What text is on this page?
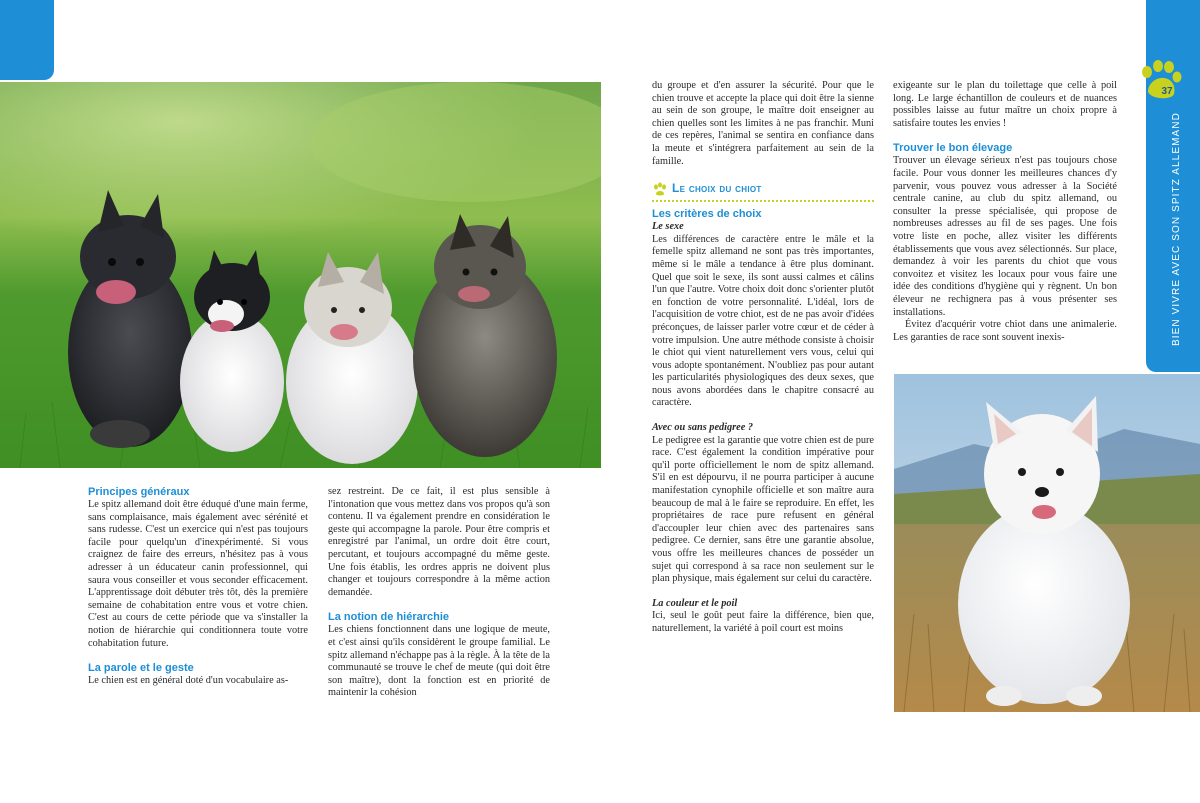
37
BIEN VIVRE AVEC SON SPITZ ALLEMAND

Principes généraux

Le spitz allemand doit être éduqué d'une main ferme, sans complaisance, mais également avec sérénité et sans rudesse. C'est un exercice qui n'est pas toujours facile pour quelqu'un d'inexpérimenté. Si vous craignez de faire des erreurs, n'hésitez pas à vous adresser à un éducateur canin professionnel, qui saura vous conseiller et vous seconder efficacement. L'apprentissage doit débuter très tôt, dès la première semaine de cohabitation entre vous et votre chien. C'est au cours de cette période que va s'installer la notion de hiérarchie qui conditionnera toute votre cohabitation future.

La parole et le geste

Le chien est en général doté d'un vocabulaire as-

sez restreint. De ce fait, il est plus sensible à l'intonation que vous mettez dans vos propos qu'à son contenu. Il va également prendre en considération le geste qui accompagne la parole. Pour être compris et enregistré par l'animal, un ordre doit être court, percutant, et toujours accompagné du même geste. Une fois établis, les ordres appris ne doivent plus changer et toujours correspondre à la même action demandée.

La notion de hiérarchie

Les chiens fonctionnent dans une logique de meute, et c'est ainsi qu'ils considèrent le groupe familial. Le spitz allemand n'échappe pas à la règle. À la tête de la communauté se trouve le chef de meute (qui doit être son maître), dont la fonction est en priorité de maintenir la cohésion

du groupe et d'en assurer la sécurité. Pour que le chien trouve et accepte la place qui doit être la sienne au sein de son groupe, le maître doit enseigner au chien quelles sont les limites à ne pas franchir. Muni de ces repères, l'animal se sentira en confiance dans la meute et s'intégrera parfaitement au sein de la famille.

Le choix du chiot

Les critères de choix

Le sexe

Les différences de caractère entre le mâle et la femelle spitz allemand ne sont pas très importantes, même si le mâle a tendance à être plus dominant. Quel que soit le sexe, ils sont aussi calmes et câlins l'un que l'autre. Votre choix doit donc s'orienter plutôt en fonction de votre personnalité. L'idéal, lors de l'acquisition de votre chiot, est de ne pas avoir d'idées préconçues, de laisser parler votre cœur et de céder à votre impulsion. Une autre méthode consiste à choisir le chiot qui vient naturellement vers vous, celui qui vous adopte spontanément. N'oubliez pas pour autant les particularités physiologiques des deux sexes, que nous avons abordées dans le chapitre consacré au caractère.

Avec ou sans pedigree ?

Le pedigree est la garantie que votre chien est de pure race. C'est également la condition impérative pour qu'il porte officiellement le nom de spitz allemand. S'il en est dépourvu, il ne pourra participer à aucune manifestation cynophile officielle et son maître aura beaucoup de mal à le faire se reproduire. En effet, les propriétaires de race pure refusent en général d'accoupler leur chien avec des partenaires sans pedigree. Ce dernier, sans être une garantie absolue, vous offre les meilleures chances de posséder un sujet qui correspond à sa race non seulement sur le plan physique, mais également sur celui du caractère.

La couleur et le poil

Ici, seul le goût peut faire la différence, bien que, naturellement, la variété à poil court est moins

exigeante sur le plan du toilettage que celle à poil long. Le large échantillon de couleurs et de nuances possibles laisse au futur maître un choix propre à satisfaire toutes les envies !

Trouver le bon élevage

Trouver un élevage sérieux n'est pas toujours chose facile. Pour vous donner les meilleures chances d'y parvenir, vous pouvez vous adresser à la Société centrale canine, au club du spitz allemand, ou consulter la presse spécialisée, qui propose de nombreuses adresses au fil de ses pages. Une fois votre liste en poche, allez visiter les différents établissements que vous avez sélectionnés. Sur place, demandez à voir les parents du chiot que vous convoitez et visitez les locaux pour vous faire une idée des conditions d'hygiène qui y règnent. Un bon éleveur ne rechignera pas à vous présenter ses installations.

Évitez d'acquérir votre chiot dans une animalerie. Les garanties de race sont souvent inexis-
